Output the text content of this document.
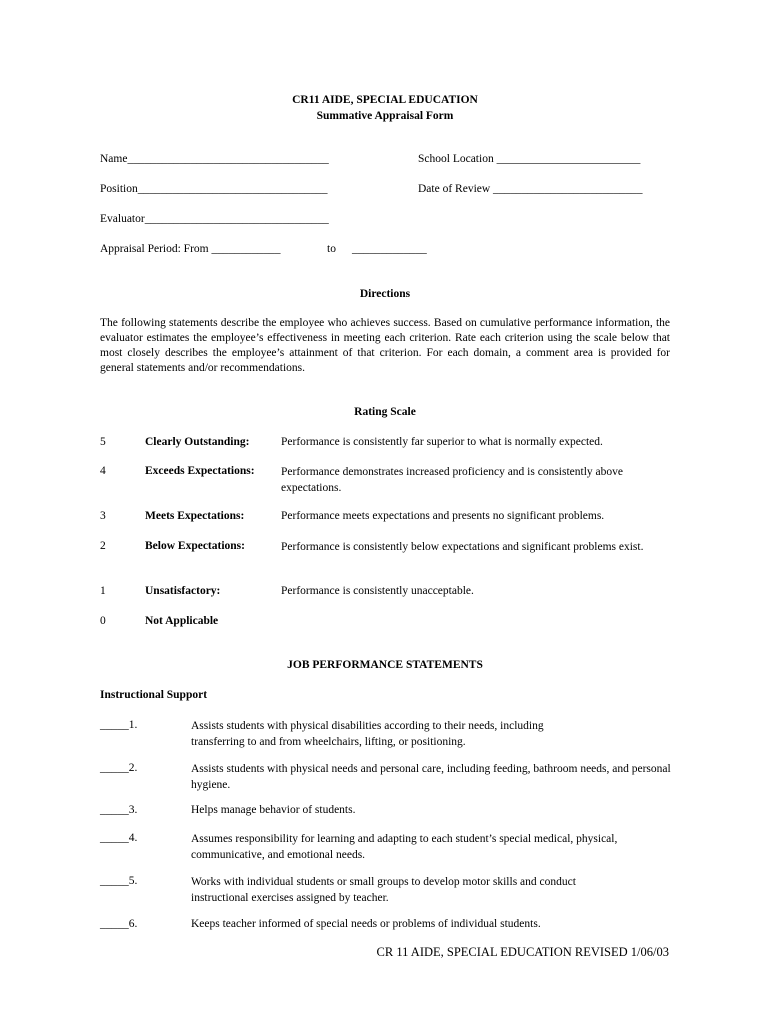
CR11 AIDE, SPECIAL EDUCATION
Summative Appraisal Form
Name___________________________________	School Location _________________________
Position_________________________________	Date of Review __________________________
Evaluator________________________________
Appraisal Period: From ____________	to _____________
Directions
The following statements describe the employee who achieves success. Based on cumulative performance information, the evaluator estimates the employee’s effectiveness in meeting each criterion. Rate each criterion using the scale below that most closely describes the employee’s attainment of that criterion. For each domain, a comment area is provided for general statements and/or recommendations.
Rating Scale
5	Clearly Outstanding:	Performance is consistently far superior to what is normally expected.
4	Exceeds Expectations: Performance demonstrates increased proficiency and is consistently above expectations.
3	Meets Expectations:	Performance meets expectations and presents no significant problems.
2	Below Expectations:	Performance is consistently below expectations and significant problems exist.
1	Unsatisfactory:	Performance is consistently unacceptable.
0	Not Applicable
JOB PERFORMANCE STATEMENTS
Instructional Support
_____1.	Assists students with physical disabilities according to their needs, including transferring to and from wheelchairs, lifting, or positioning.
_____2.	Assists students with physical needs and personal care, including feeding, bathroom needs, and personal hygiene.
_____3.	Helps manage behavior of students.
_____4.	Assumes responsibility for learning and adapting to each student’s special medical, physical, communicative, and emotional needs.
_____5.	Works with individual students or small groups to develop motor skills and conduct instructional exercises assigned by teacher.
_____6.	Keeps teacher informed of special needs or problems of individual students.
CR 11 AIDE, SPECIAL EDUCATION REVISED 1/06/03
